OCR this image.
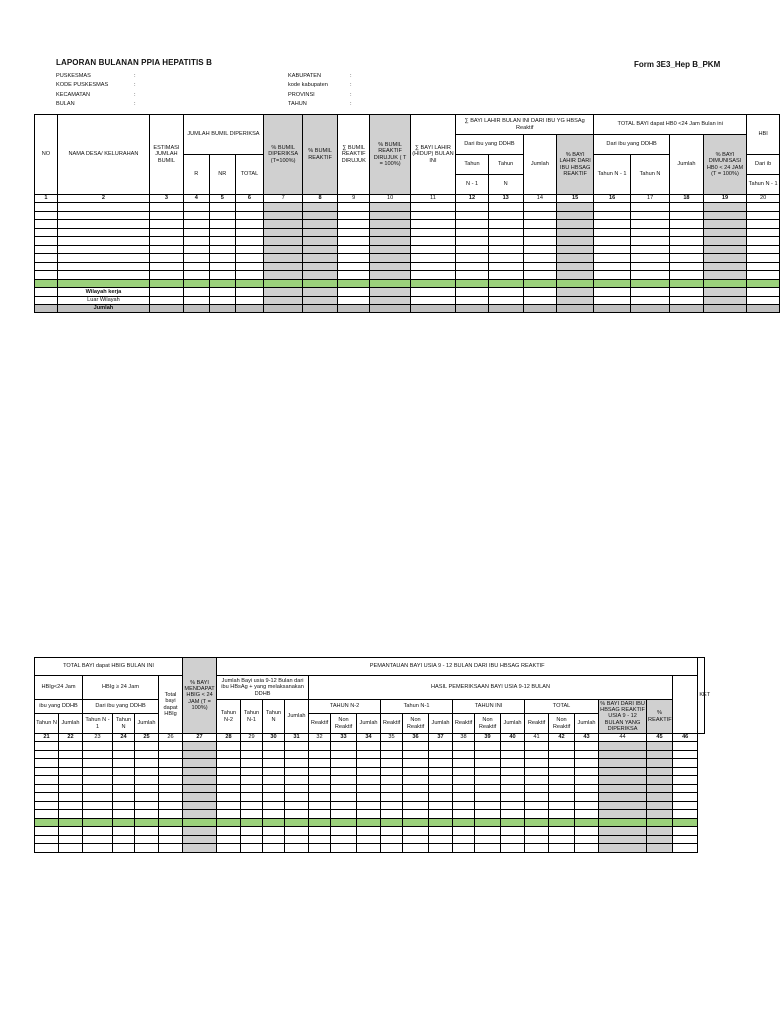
LAPORAN BULANAN PPIA HEPATITIS B	Form 3E3_Hep B_PKM
PUSKESMAS	:
KODE PUSKESMAS	:
KECAMATAN	:
BULAN	:
KABUPATEN	:
kode kabupaten	:
PROVINSI	:
TAHUN	:
NO	NAMA DESA/ KELURAHAN	ESTIMASI JUMLAH BUMIL	JUMLAH BUMIL DIPERIKSA			% BUMIL DIPERIKSA (T=100%)	% BUMIL REAKTIF	∑ BUMIL REAKTIF DIRUJUK	% BUMIL REAKTIF DIRUJUK ( T = 100%)	∑ BAYI LAHIR (HIDUP) BULAN INI	∑ BAYI LAHIR BULAN INI DARI IBU YG HBSAg Reaktif				TOTAL BAYI dapat HB0 <24 Jam Bulan ini				HBI
											Dari ibu yang DDHB		Jumlah	% BAYI LAHIR DARI IBU HBSAG REAKTIF	Dari ibu yang DDHB		Jumlah	% BAYI DIMUNISASI HB0 < 24 JAM (T = 100%)	
			R	NR	TOTAL						Tahun	Tahun			Tahun N - 1	Tahun N			Dari ib
											N - 1	N							Tahun N - 1
1	2	3	4	5	6	7	8	9	10	11	12	13	14	15	16	17	18	19	20

	Wilayah kerja																		
	Luar Wilayah																		
	Jumlah																		
TOTAL BAYI dapat HBIG BULAN INI						% BAYI MENDAPAT HBIG < 24 JAM (T = 100%)	PEMANTAUAN BAYI USIA 9 - 12 BULAN DARI IBU HBSAG REAKTIF																			KET
HBIg<24 Jam		HBIg ≥ 24 Jam			Total bayi dapat HBIg		Jumlah Bayi usia 9-12 Bulan dari ibu HBsAg + yang melaksanakan DDHB				HASIL PEMERIKSAAN BAYI USIA 9-12 BULAN															
ibu yang DDHB		Dari ibu yang DDHB					Tahun N-2	Tahun N-1	Tahun N	Jumlah	TAHUN N-2			Tahun N-1			TAHUN INI			TOTAL			% BAYI DARI IBU HBSAG REAKTIF USIA 9 - 12 BULAN YANG DIPERIKSA	% REAKTIF		
Tahun N	Jumlah	Tahun N - 1	Tahun N	Jumlah							Reaktif	Non Reaktif	Jumlah	Reaktif	Non Reaktif	Jumlah	Reaktif	Non Reaktif	Jumlah	Reaktif	Non Reaktif	Jumlah				
21	22	23	24	25	26	27	28	29	30	31	32	33	34	35	36	37	38	39	40	41	42	43	44	45	46	
